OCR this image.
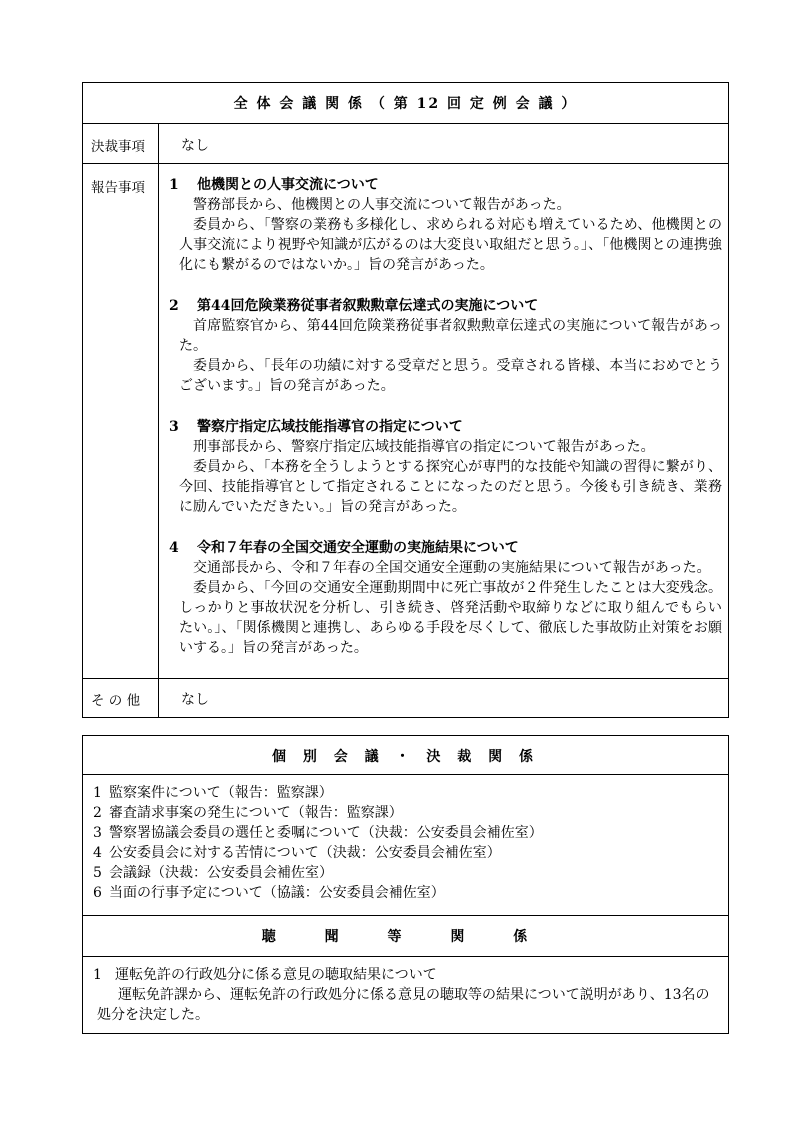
全 体 会 議 関 係 （ 第 12 回 定 例 会 議 ）
決裁事項	なし
報告事項	1 他機関との人事交流について
警務部長から、他機関との人事交流について報告があった。
委員から、「警察の業務も多様化し、求められる対応も増えているため、他機関との人事交流により視野や知識が広がるのは大変良い取組だと思う。」、「他機関との連携強化にも繋がるのではないか。」旨の発言があった。
2 第44回危険業務従事者叙勲勲章伝達式の実施について
首席監察官から、第44回危険業務従事者叙勲勲章伝達式の実施について報告があった。
委員から、「長年の功績に対する受章だと思う。受章される皆様、本当におめでとうございます。」旨の発言があった。
3 警察庁指定広域技能指導官の指定について
刑事部長から、警察庁指定広域技能指導官の指定について報告があった。
委員から、「本務を全うしようとする探究心が専門的な技能や知識の習得に繋がり、今回、技能指導官として指定されることになったのだと思う。今後も引き続き、業務に励んでいただきたい。」旨の発言があった。
4 令和７年春の全国交通安全運動の実施結果について
交通部長から、令和７年春の全国交通安全運動の実施結果について報告があった。
委員から、「今回の交通安全運動期間中に死亡事故が２件発生したことは大変残念。しっかりと事故状況を分析し、引き続き、啓発活動や取締りなどに取り組んでもらいたい。」、「関係機関と連携し、あらゆる手段を尽くして、徹底した事故防止対策をお願いする。」旨の発言があった。
そ の 他	なし
個 別 会 議 ・ 決 裁 関 係
1 監察案件について（報告：監察課）
2 審査請求事案の発生について（報告：監察課）
3 警察署協議会委員の選任と委嘱について（決裁：公安委員会補佐室）
4 公安委員会に対する苦情について（決裁：公安委員会補佐室）
5 会議録（決裁：公安委員会補佐室）
6 当面の行事予定について（協議：公安委員会補佐室）
聴 聞 等 関 係
1 運転免許の行政処分に係る意見の聴取結果について
運転免許課から、運転免許の行政処分に係る意見の聴取等の結果について説明があり、13名の処分を決定した。
